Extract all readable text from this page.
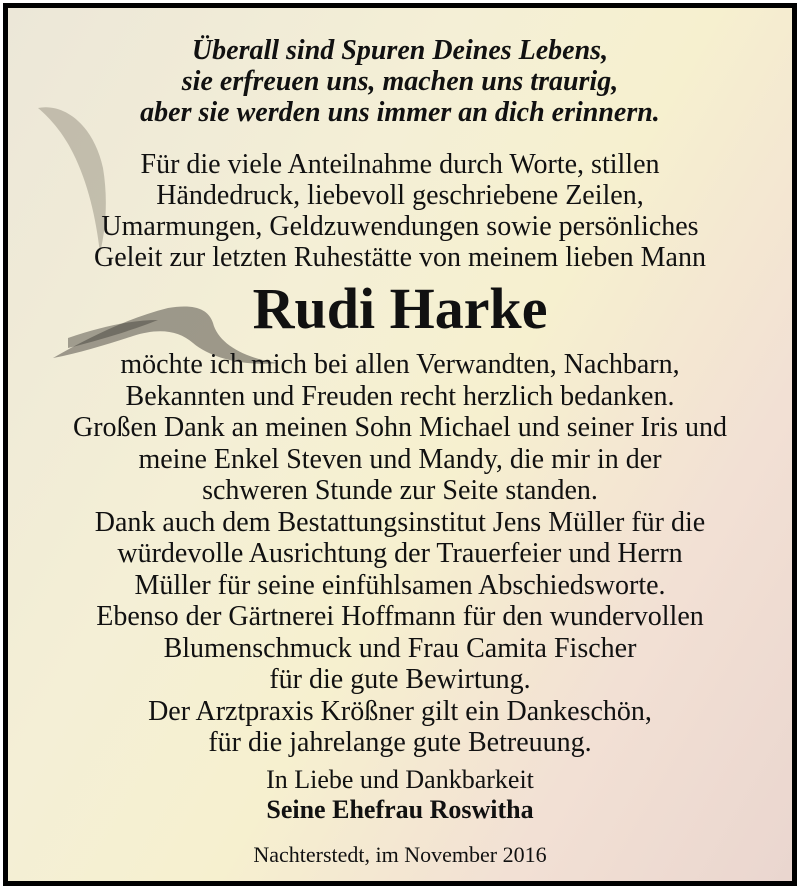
Überall sind Spuren Deines Lebens,
sie erfreuen uns, machen uns traurig,
aber sie werden uns immer an dich erinnern.
Für die viele Anteilnahme durch Worte, stillen
Händedruck, liebevoll geschriebene Zeilen,
Umarmungen, Geldzuwendungen sowie persönliches
Geleit zur letzten Ruhestätte von meinem lieben Mann
Rudi Harke
möchte ich mich bei allen Verwandten, Nachbarn,
Bekannten und Freuden recht herzlich bedanken.
Großen Dank an meinen Sohn Michael und seiner Iris und
meine Enkel Steven und Mandy, die mir in der
schweren Stunde zur Seite standen.
Dank auch dem Bestattungsinstitut Jens Müller für die
würdevolle Ausrichtung der Trauerfeier und Herrn
Müller für seine einfühlsamen Abschiedsworte.
Ebenso der Gärtnerei Hoffmann für den wundervollen
Blumenschmuck und Frau Camita Fischer
für die gute Bewirtung.
Der Arztpraxis Krößner gilt ein Dankeschön,
für die jahrelange gute Betreuung.
In Liebe und Dankbarkeit
Seine Ehefrau Roswitha
Nachterstedt, im November 2016
